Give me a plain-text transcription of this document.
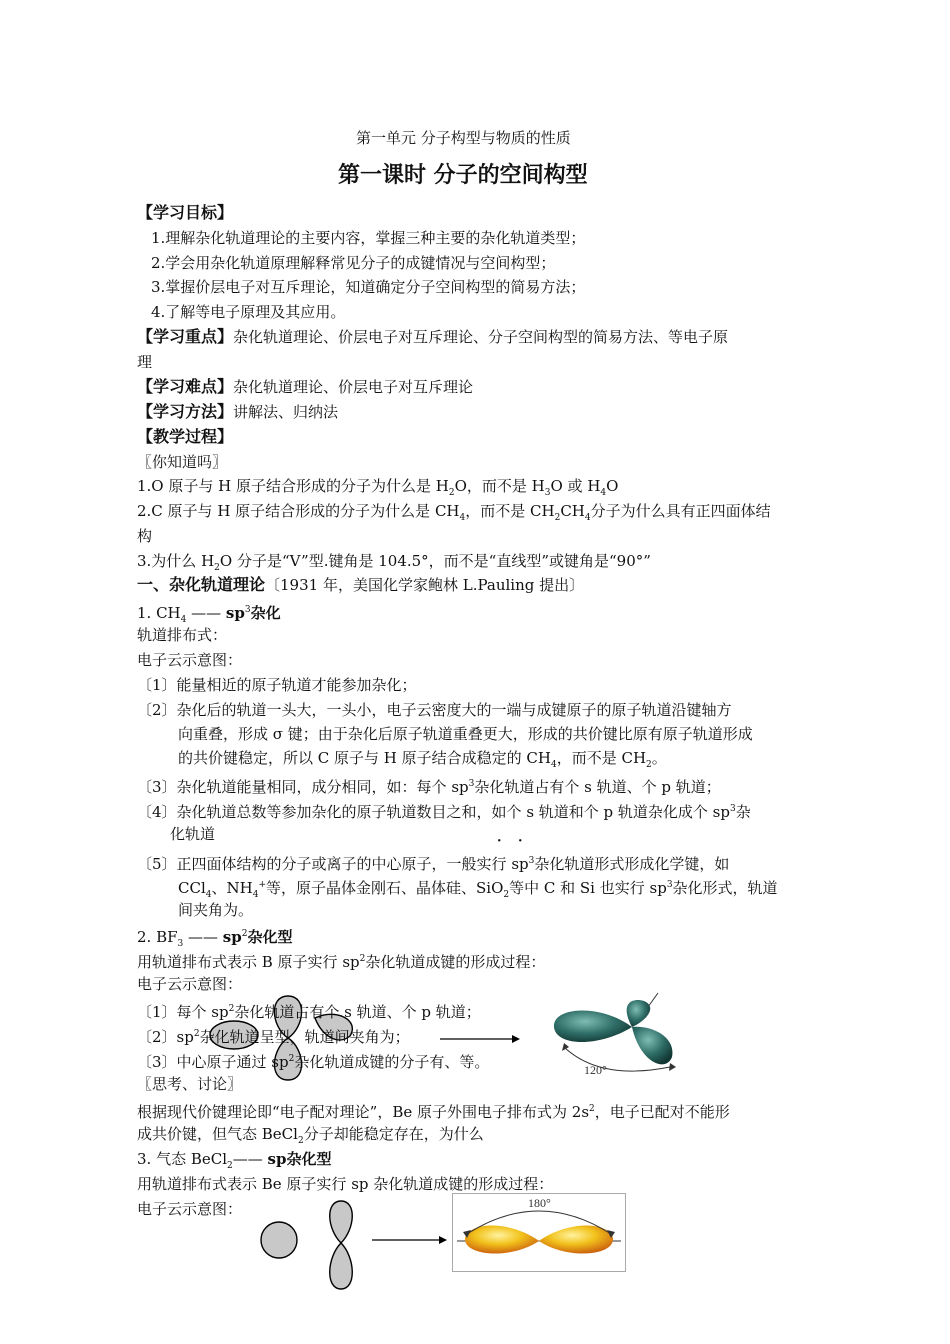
第一单元 分子构型与物质的性质
第一课时 分子的空间构型
【学习目标】
1.理解杂化轨道理论的主要内容，掌握三种主要的杂化轨道类型；
2.学会用杂化轨道原理解释常见分子的成键情况与空间构型；
3.掌握价层电子对互斥理论，知道确定分子空间构型的简易方法；
4.了解等电子原理及其应用。
【学习重点】杂化轨道理论、价层电子对互斥理论、分子空间构型的简易方法、等电子原
理
【学习难点】杂化轨道理论、价层电子对互斥理论
【学习方法】讲解法、归纳法
【教学过程】
〖你知道吗〗
1.O 原子与 H 原子结合形成的分子为什么是 $H_2O$，而不是 $H_3O$ 或 $H_4O$
2.C 原子与 H 原子结合形成的分子为什么是 $CH_4$，而不是 $CH_2CH_4$分子为什么具有正四面体结
构
3.为什么 $H_2O$ 分子是“V”型.键角是 104.5°，而不是“直线型”或键角是“90°”
一、杂化轨道理论〔1931 年，美国化学家鲍林 L.Pauling 提出〕
1. $CH_4$ —— $sp^3$杂化
轨道排布式：
电子云示意图：
〔1〕能量相近的原子轨道才能参加杂化；
〔2〕杂化后的轨道一头大，一头小，电子云密度大的一端与成键原子的原子轨道沿键轴方
向重叠，形成 σ 键；由于杂化后原子轨道重叠更大，形成的共价键比原有原子轨道形成
的共价键稳定，所以 C 原子与 H 原子结合成稳定的 $CH_4$，而不是 $CH_2$。
〔3〕杂化轨道能量相同，成分相同，如：每个 $sp^3$杂化轨道占有个 s 轨道、个 p 轨道；
〔4〕杂化轨道总数等参加杂化的原子轨道数目之和，如个 s 轨道和个 p 轨道杂化成个 $sp^3$杂
化轨道	· ·
〔5〕正四面体结构的分子或离子的中心原子，一般实行 $sp^3$杂化轨道形式形成化学键，如
CCl$_4$、$NH_4^+$等，原子晶体金刚石、晶体硅、SiO$_2$等中 C 和 Si 也实行 $sp^3$杂化形式，轨道
间夹角为。
2. $BF_3$ —— $sp^2$杂化型
用轨道排布式表示 B 原子实行 $sp^2$杂化轨道成键的形成过程：
电子云示意图：
〔1〕每个 $sp^2$杂化轨道占有个 s 轨道、个 p 轨道；
〔2〕$sp^2$杂化轨道呈型，轨道间夹角为；
〔3〕中心原子通过 $sp^2$杂化轨道成键的分子有、等。	120°
〖思考、讨论〗
根据现代价键理论即“电子配对理论”，Be 原子外围电子排布式为 $2s^2$，电子已配对不能形
成共价键，但气态 BeCl$_2$分子却能稳定存在，为什么
3. 气态 BeCl$_2$—— sp杂化型
用轨道排布式表示 Be 原子实行 sp 杂化轨道成键的形成过程：
电子云示意图：	180°
